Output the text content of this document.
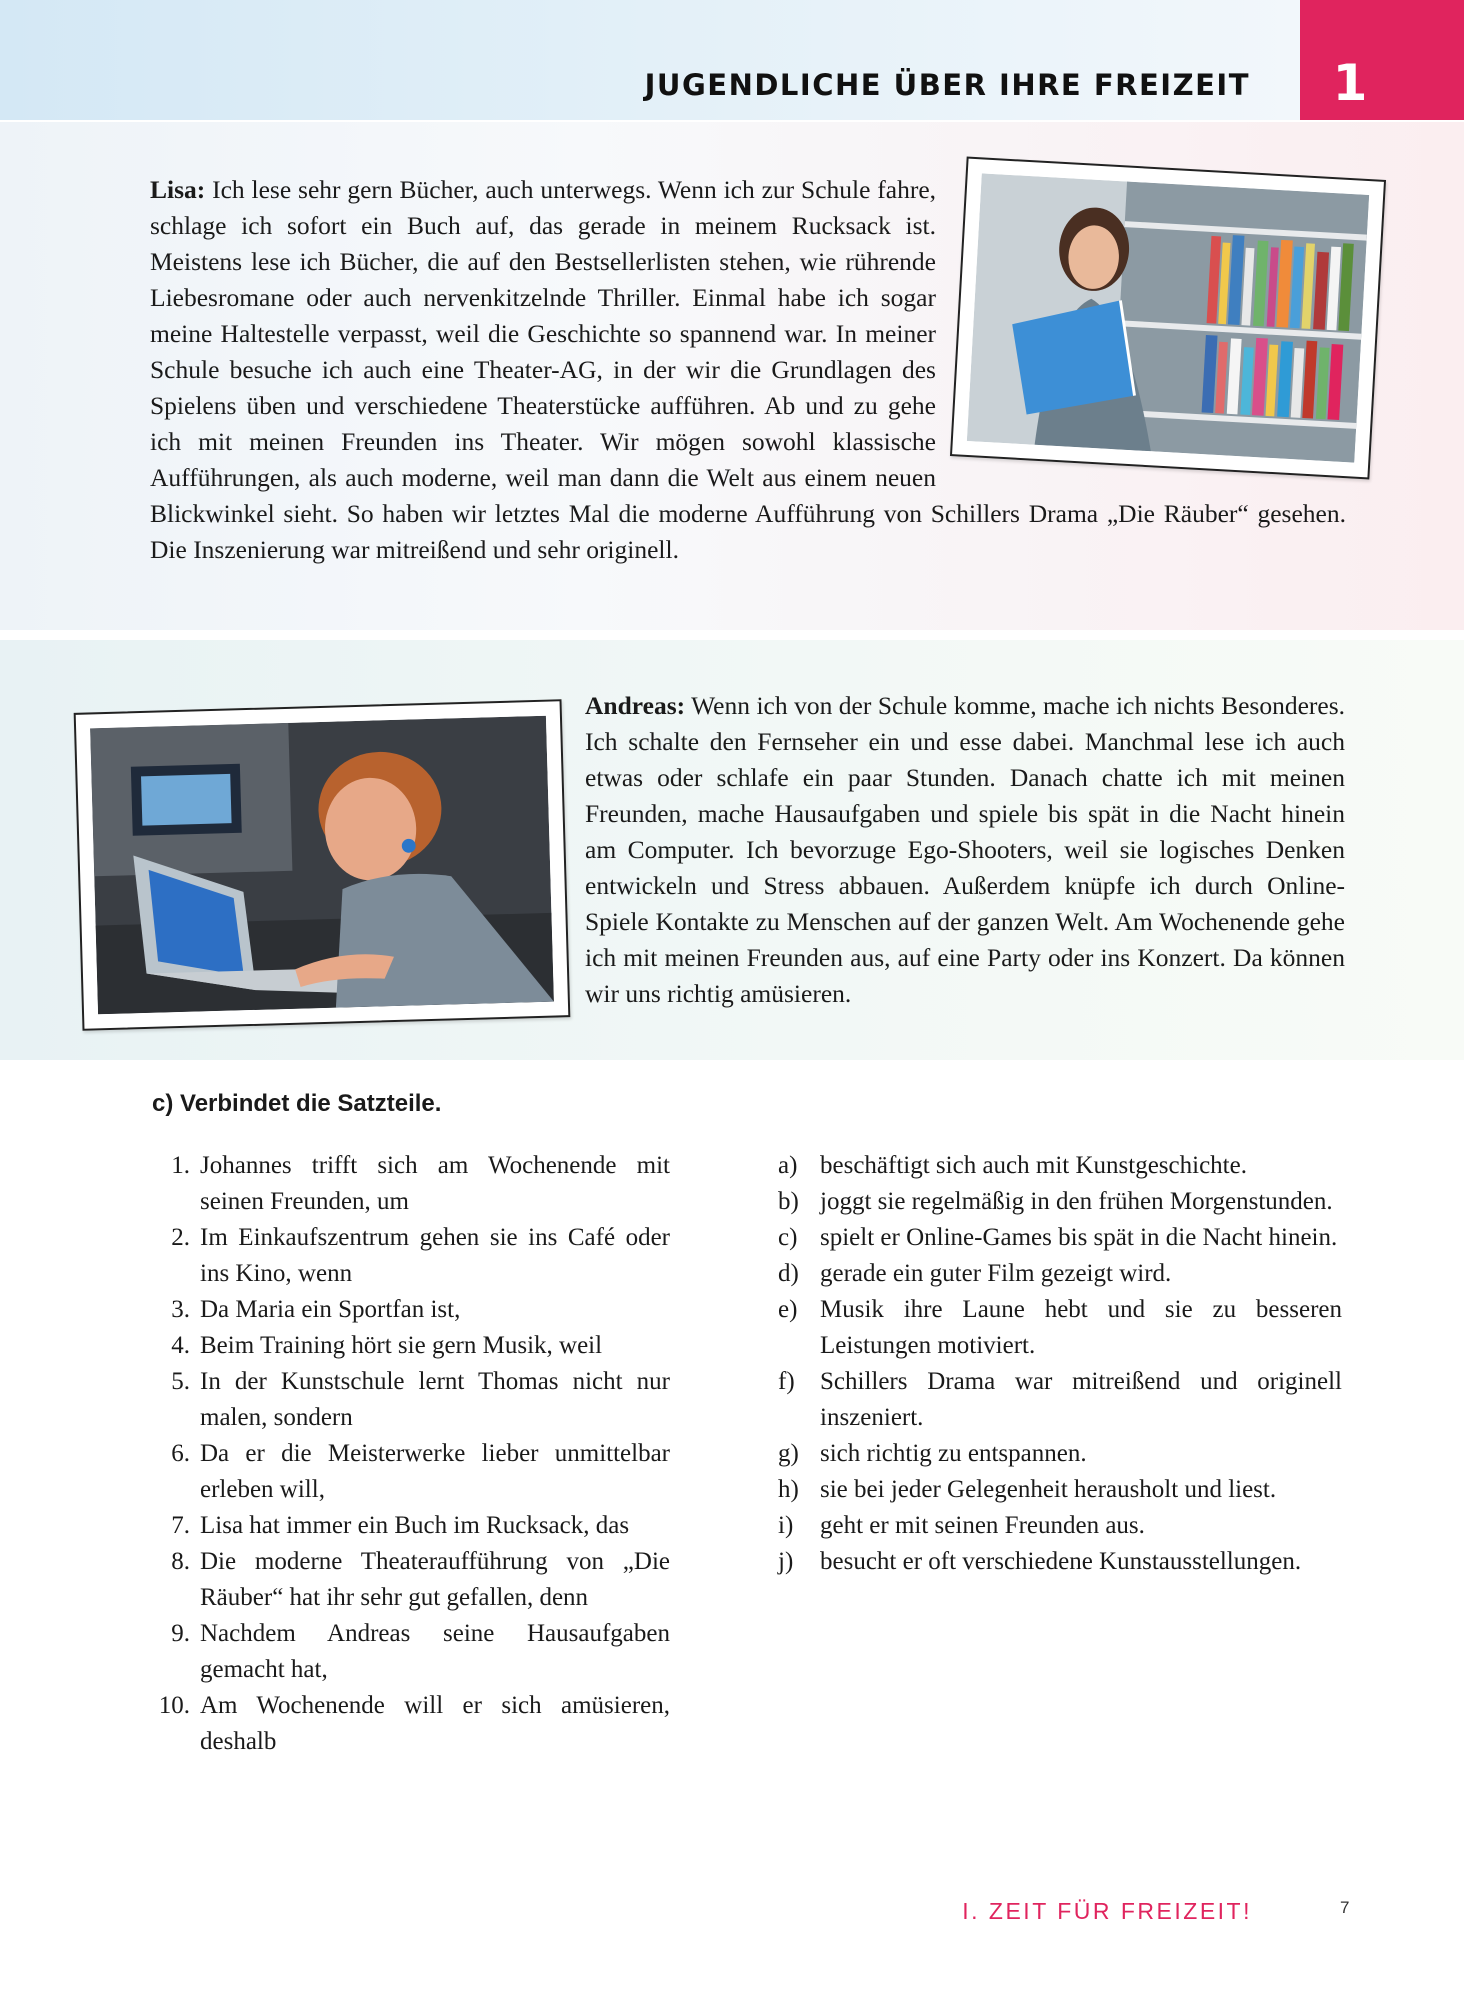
JUGENDLICHE ÜBER IHRE FREIZEIT	1

Lisa: Ich lese sehr gern Bücher, auch unterwegs. Wenn ich zur Schule fahre, schlage ich sofort ein Buch auf, das gerade in meinem Rucksack ist. Meistens lese ich Bücher, die auf den Bestsellerlisten stehen, wie rührende Liebesromane oder auch nervenkitzelnde Thriller. Einmal habe ich sogar meine Haltestelle verpasst, weil die Geschichte so spannend war. In meiner Schule besuche ich auch eine Theater-AG, in der wir die Grundlagen des Spielens üben und verschiedene Theaterstücke aufführen. Ab und zu gehe ich mit meinen Freunden ins Theater. Wir mögen sowohl klassische Aufführungen, als auch moderne, weil man dann die Welt aus einem neuen Blickwinkel sieht. So haben wir letztes Mal die moderne Aufführung von Schillers Drama „Die Räuber“ gesehen. Die Inszenierung war mitreißend und sehr originell.

Andreas: Wenn ich von der Schule komme, mache ich nichts Besonderes. Ich schalte den Fernseher ein und esse dabei. Manchmal lese ich auch etwas oder schlafe ein paar Stunden. Danach chatte ich mit meinen Freunden, mache Hausaufgaben und spiele bis spät in die Nacht hinein am Computer. Ich bevorzuge Ego-Shooters, weil sie logisches Denken entwickeln und Stress abbauen. Außerdem knüpfe ich durch Online-Spiele Kontakte zu Menschen auf der ganzen Welt. Am Wochenende gehe ich mit meinen Freunden aus, auf eine Party oder ins Konzert. Da können wir uns richtig amüsieren.

c) Verbindet die Satzteile.
1. Johannes trifft sich am Wochenende mit seinen Freunden, um
2. Im Einkaufszentrum gehen sie ins Café oder ins Kino, wenn
3. Da Maria ein Sportfan ist,
4. Beim Training hört sie gern Musik, weil
5. In der Kunstschule lernt Thomas nicht nur malen, sondern
6. Da er die Meisterwerke lieber unmittelbar erleben will,
7. Lisa hat immer ein Buch im Rucksack, das
8. Die moderne Theateraufführung von „Die Räuber“ hat ihr sehr gut gefallen, denn
9. Nachdem Andreas seine Hausaufgaben gemacht hat,
10. Am Wochenende will er sich amüsieren, deshalb
a) beschäftigt sich auch mit Kunstgeschichte.
b) joggt sie regelmäßig in den frühen Morgenstunden.
c) spielt er Online-Games bis spät in die Nacht hinein.
d) gerade ein guter Film gezeigt wird.
e) Musik ihre Laune hebt und sie zu besseren Leistungen motiviert.
f) Schillers Drama war mitreißend und originell inszeniert.
g) sich richtig zu entspannen.
h) sie bei jeder Gelegenheit herausholt und liest.
i) geht er mit seinen Freunden aus.
j) besucht er oft verschiedene Kunstausstellungen.
I. ZEIT FÜR FREIZEIT!	7
